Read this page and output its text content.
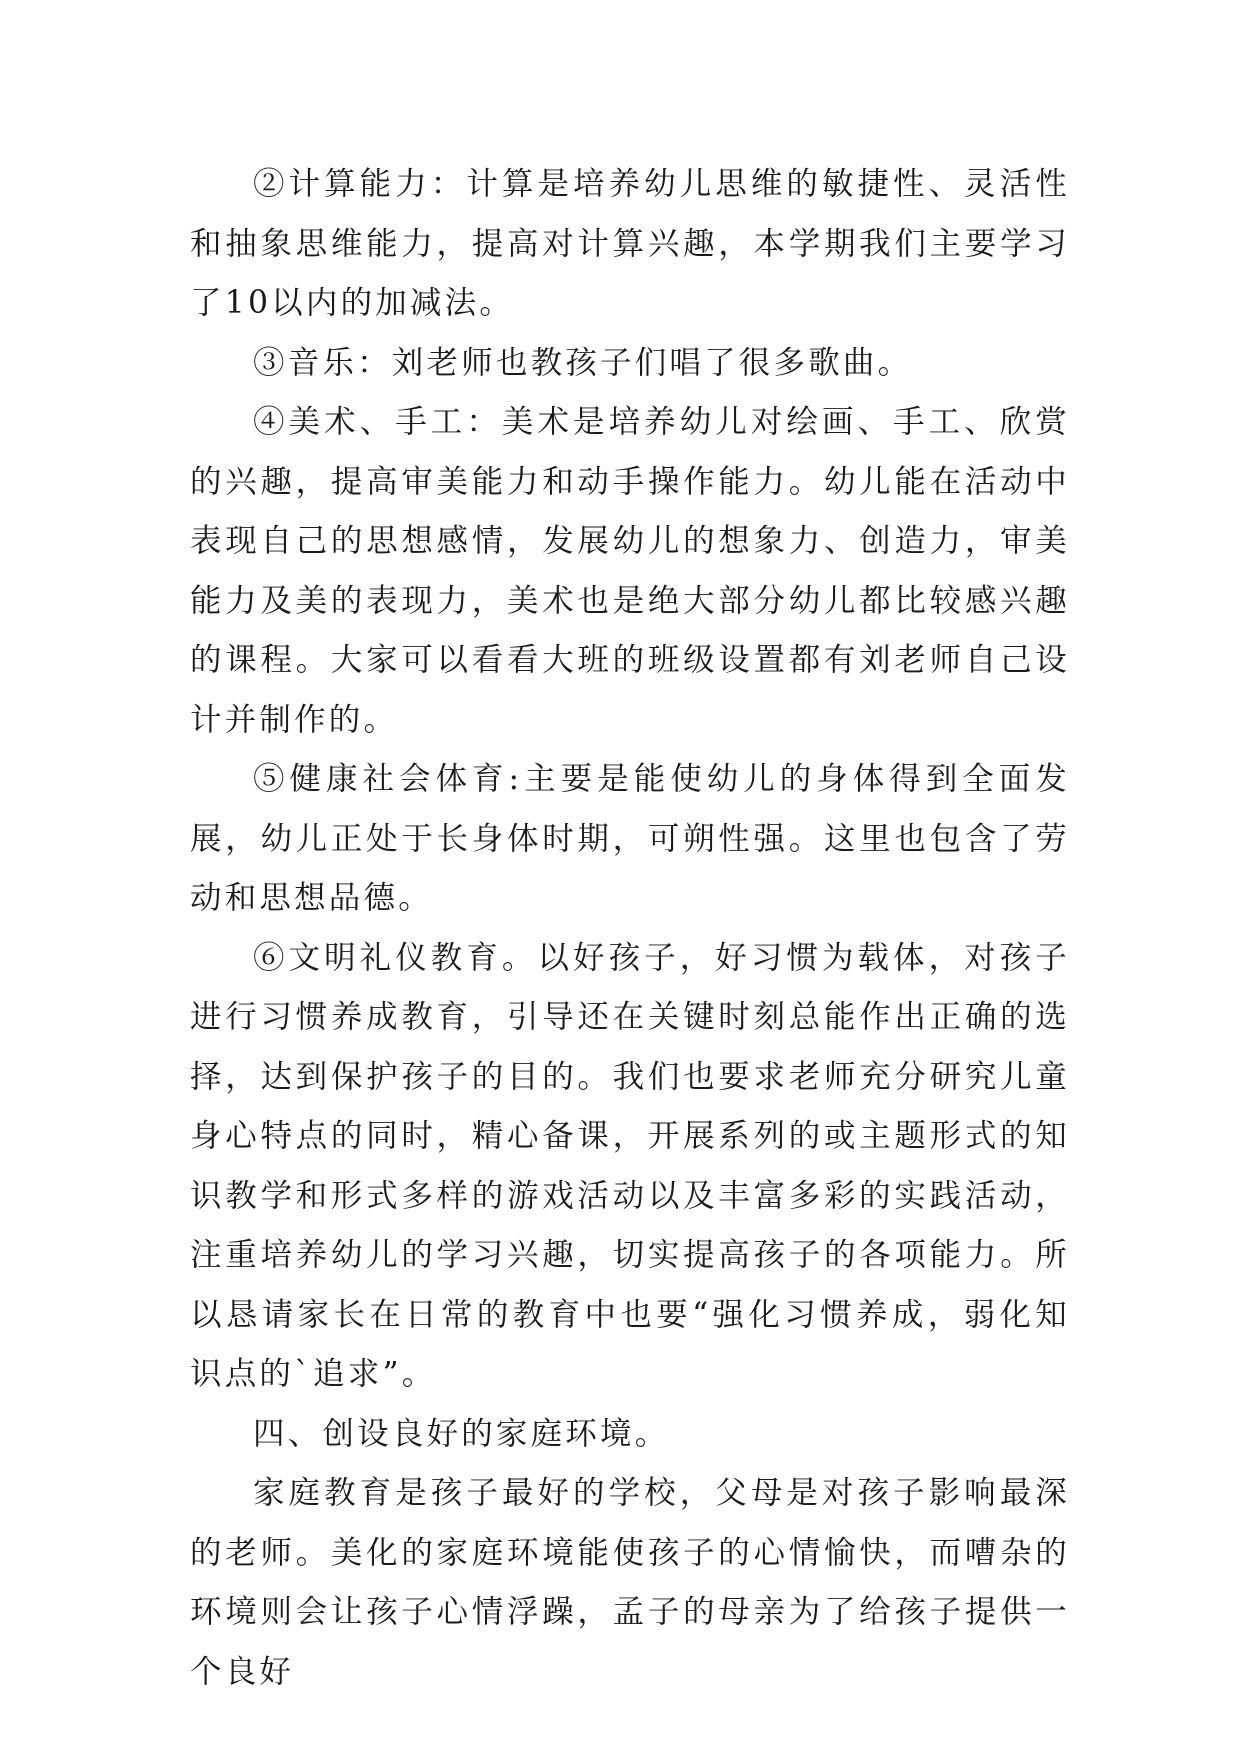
②计算能力：计算是培养幼儿思维的敏捷性、灵活性和抽象思维能力，提高对计算兴趣，本学期我们主要学习了10以内的加减法。

③音乐：刘老师也教孩子们唱了很多歌曲。

④美术、手工：美术是培养幼儿对绘画、手工、欣赏的兴趣，提高审美能力和动手操作能力。幼儿能在活动中表现自己的思想感情，发展幼儿的想象力、创造力，审美能力及美的表现力，美术也是绝大部分幼儿都比较感兴趣的课程。大家可以看看大班的班级设置都有刘老师自己设计并制作的。

⑤健康社会体育:主要是能使幼儿的身体得到全面发展，幼儿正处于长身体时期，可朔性强。这里也包含了劳动和思想品德。

⑥文明礼仪教育。以好孩子，好习惯为载体，对孩子进行习惯养成教育，引导还在关键时刻总能作出正确的选择，达到保护孩子的目的。我们也要求老师充分研究儿童身心特点的同时，精心备课，开展系列的或主题形式的知识教学和形式多样的游戏活动以及丰富多彩的实践活动，注重培养幼儿的学习兴趣，切实提高孩子的各项能力。所以恳请家长在日常的教育中也要“强化习惯养成，弱化知识点的`追求”。

四、创设良好的家庭环境。

家庭教育是孩子最好的学校，父母是对孩子影响最深的老师。美化的家庭环境能使孩子的心情愉快，而嘈杂的环境则会让孩子心情浮躁，孟子的母亲为了给孩子提供一个良好
